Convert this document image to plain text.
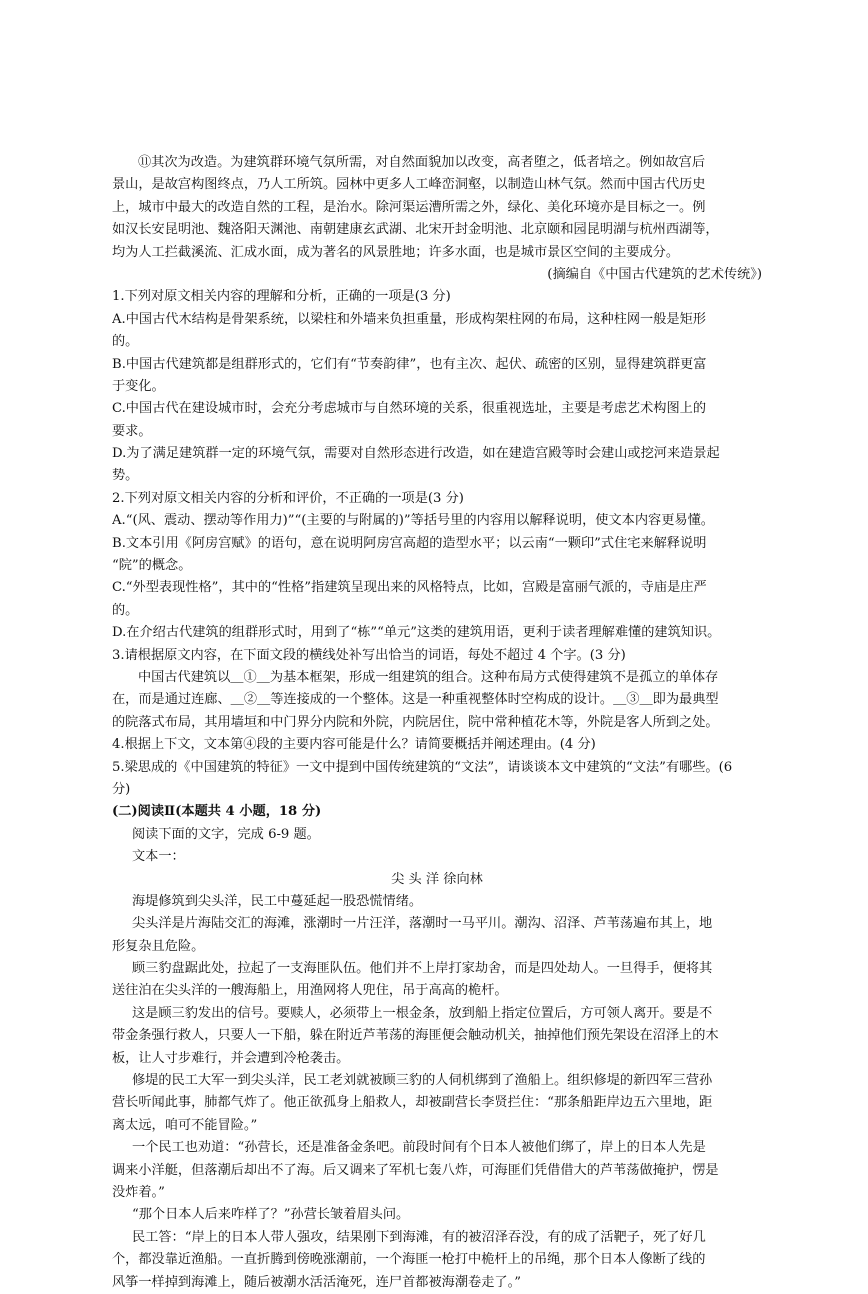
⑪其次为改造。为建筑群环境气氛所需，对自然面貌加以改变，高者堕之，低者培之。例如故宫后
景山，是故宫构图终点，乃人工所筑。园林中更多人工峰峦洞壑，以制造山林气氛。然而中国古代历史
上，城市中最大的改造自然的工程，是治水。除河渠运漕所需之外，绿化、美化环境亦是目标之一。例
如汉长安昆明池、魏洛阳天渊池、南朝建康玄武湖、北宋开封金明池、北京颐和园昆明湖与杭州西湖等，
均为人工拦截溪流、汇成水面，成为著名的风景胜地；许多水面，也是城市景区空间的主要成分。
(摘编自《中国古代建筑的艺术传统》)
1.下列对原文相关内容的理解和分析，正确的一项是(3 分)
A.中国古代木结构是骨架系统，以梁柱和外墙来负担重量，形成构架柱网的布局，这种柱网一般是矩形
的。
B.中国古代建筑都是组群形式的，它们有“节奏韵律”，也有主次、起伏、疏密的区别，显得建筑群更富
于变化。
C.中国古代在建设城市时，会充分考虑城市与自然环境的关系，很重视选址，主要是考虑艺术构图上的
要求。
D.为了满足建筑群一定的环境气氛，需要对自然形态进行改造，如在建造宫殿等时会建山或挖河来造景起
势。
2.下列对原文相关内容的分析和评价，不正确的一项是(3 分)
A.“(风、震动、摆动等作用力)”“(主要的与附属的)”等括号里的内容用以解释说明，使文本内容更易懂。
B.文本引用《阿房宫赋》的语句，意在说明阿房宫高超的造型水平；以云南“一颗印”式住宅来解释说明
“院”的概念。
C.“外型表现性格”，其中的“性格”指建筑呈现出来的风格特点，比如，宫殿是富丽气派的，寺庙是庄严
的。
D.在介绍古代建筑的组群形式时，用到了“栋”“单元”这类的建筑用语，更利于读者理解难懂的建筑知识。
3.请根据原文内容，在下面文段的横线处补写出恰当的词语，每处不超过 4 个字。(3 分)
中国古代建筑以＿①＿为基本框架，形成一组建筑的组合。这种布局方式使得建筑不是孤立的单体存
在，而是通过连廊、＿②＿等连接成的一个整体。这是一种重视整体时空构成的设计。＿③＿即为最典型
的院落式布局，其用墙垣和中门界分内院和外院，内院居住，院中常种植花木等，外院是客人所到之处。
4.根据上下文，文本第④段的主要内容可能是什么？请简要概括并阐述理由。(4 分)
5.梁思成的《中国建筑的特征》一文中提到中国传统建筑的“文法”，请谈谈本文中建筑的“文法”有哪些。(6
分)
(二)阅读Ⅱ(本题共 4 小题，18 分)
阅读下面的文字，完成 6-9 题。
文本一：
尖 头 洋 徐向林
海堤修筑到尖头洋，民工中蔓延起一股恐慌情绪。
尖头洋是片海陆交汇的海滩，涨潮时一片汪洋，落潮时一马平川。潮沟、沼泽、芦苇荡遍布其上，地
形复杂且危险。
顾三豹盘踞此处，拉起了一支海匪队伍。他们并不上岸打家劫舍，而是四处劫人。一旦得手，便将其
送往泊在尖头洋的一艘海船上，用渔网将人兜住，吊于高高的桅杆。
这是顾三豹发出的信号。要赎人，必须带上一根金条，放到船上指定位置后，方可领人离开。要是不
带金条强行救人，只要人一下船，躲在附近芦苇荡的海匪便会触动机关，抽掉他们预先架设在沼泽上的木
板，让人寸步难行，并会遭到冷枪袭击。
修堤的民工大军一到尖头洋，民工老刘就被顾三豹的人伺机绑到了渔船上。组织修堤的新四军三营孙
营长听闻此事，肺都气炸了。他正欲孤身上船救人，却被副营长李贤拦住：“那条船距岸边五六里地，距
离太远，咱可不能冒险。”
一个民工也劝道：“孙营长，还是准备金条吧。前段时间有个日本人被他们绑了，岸上的日本人先是
调来小洋艇，但落潮后却出不了海。后又调来了军机七轰八炸，可海匪们凭借借大的芦苇荡做掩护，愣是
没炸着。”
“那个日本人后来咋样了？”孙营长皱着眉头问。
民工答：“岸上的日本人带人强攻，结果刚下到海滩，有的被沼泽吞没，有的成了活靶子，死了好几
个，都没靠近渔船。一直折腾到傍晚涨潮前，一个海匪一枪打中桅杆上的吊绳，那个日本人像断了线的
风筝一样掉到海滩上，随后被潮水活活淹死，连尸首都被海潮卷走了。”
